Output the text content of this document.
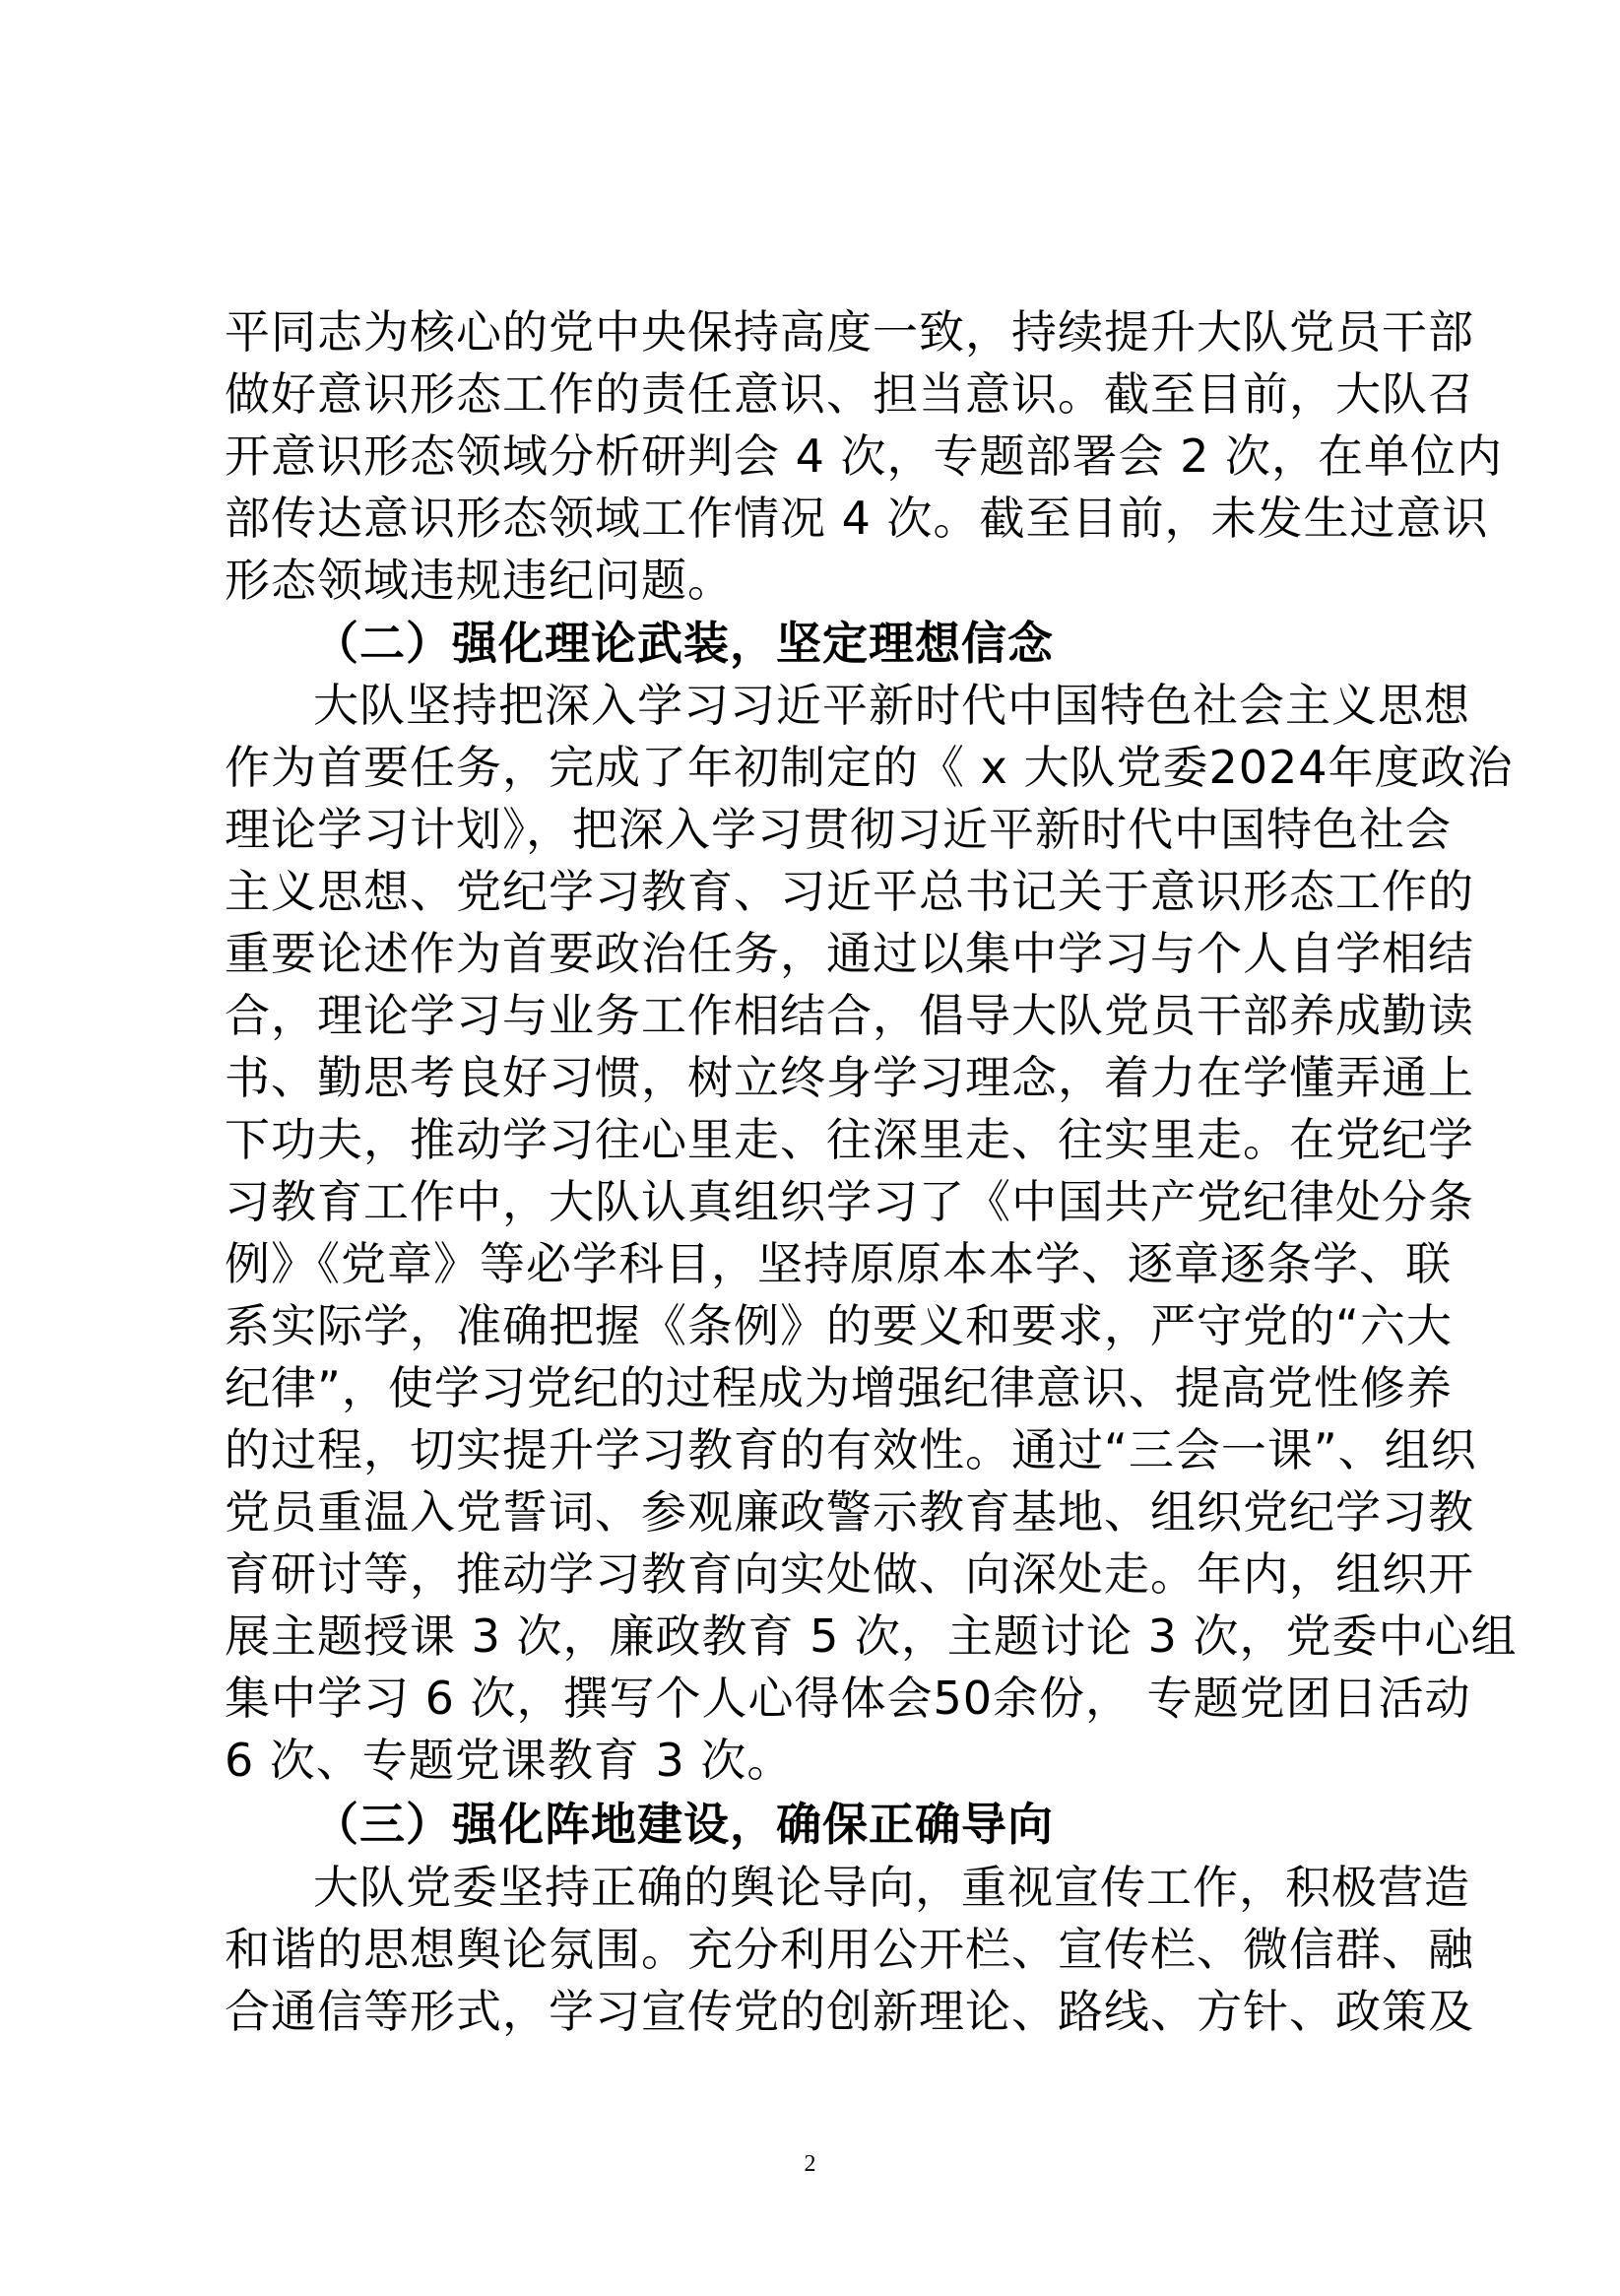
平同志为核心的党中央保持高度一致，持续提升大队党员干部
做好意识形态工作的责任意识、担当意识。截至目前，大队召
开意识形态领域分析研判会 4 次，专题部署会 2 次，在单位内
部传达意识形态领域工作情况 4 次。截至目前，未发生过意识
形态领域违规违纪问题。
（二）强化理论武装，坚定理想信念
大队坚持把深入学习习近平新时代中国特色社会主义思想
作为首要任务，完成了年初制定的《 x 大队党委2024年度政治
理论学习计划》，把深入学习贯彻习近平新时代中国特色社会
主义思想、党纪学习教育、习近平总书记关于意识形态工作的
重要论述作为首要政治任务，通过以集中学习与个人自学相结
合，理论学习与业务工作相结合，倡导大队党员干部养成勤读
书、勤思考良好习惯，树立终身学习理念，着力在学懂弄通上
下功夫，推动学习往心里走、往深里走、往实里走。在党纪学
习教育工作中，大队认真组织学习了《中国共产党纪律处分条
例》《党章》等必学科目，坚持原原本本学、逐章逐条学、联
系实际学，准确把握《条例》的要义和要求，严守党的“六大
纪律”，使学习党纪的过程成为增强纪律意识、提高党性修养
的过程，切实提升学习教育的有效性。通过“三会一课”、组织
党员重温入党誓词、参观廉政警示教育基地、组织党纪学习教
育研讨等，推动学习教育向实处做、向深处走。年内，组织开
展主题授课 3 次，廉政教育 5 次，主题讨论 3 次，党委中心组
集中学习 6 次，撰写个人心得体会50余份， 专题党团日活动
6 次、专题党课教育 3 次。
（三）强化阵地建设，确保正确导向
大队党委坚持正确的舆论导向，重视宣传工作，积极营造
和谐的思想舆论氛围。充分利用公开栏、宣传栏、微信群、融
合通信等形式，学习宣传党的创新理论、路线、方针、政策及
2
